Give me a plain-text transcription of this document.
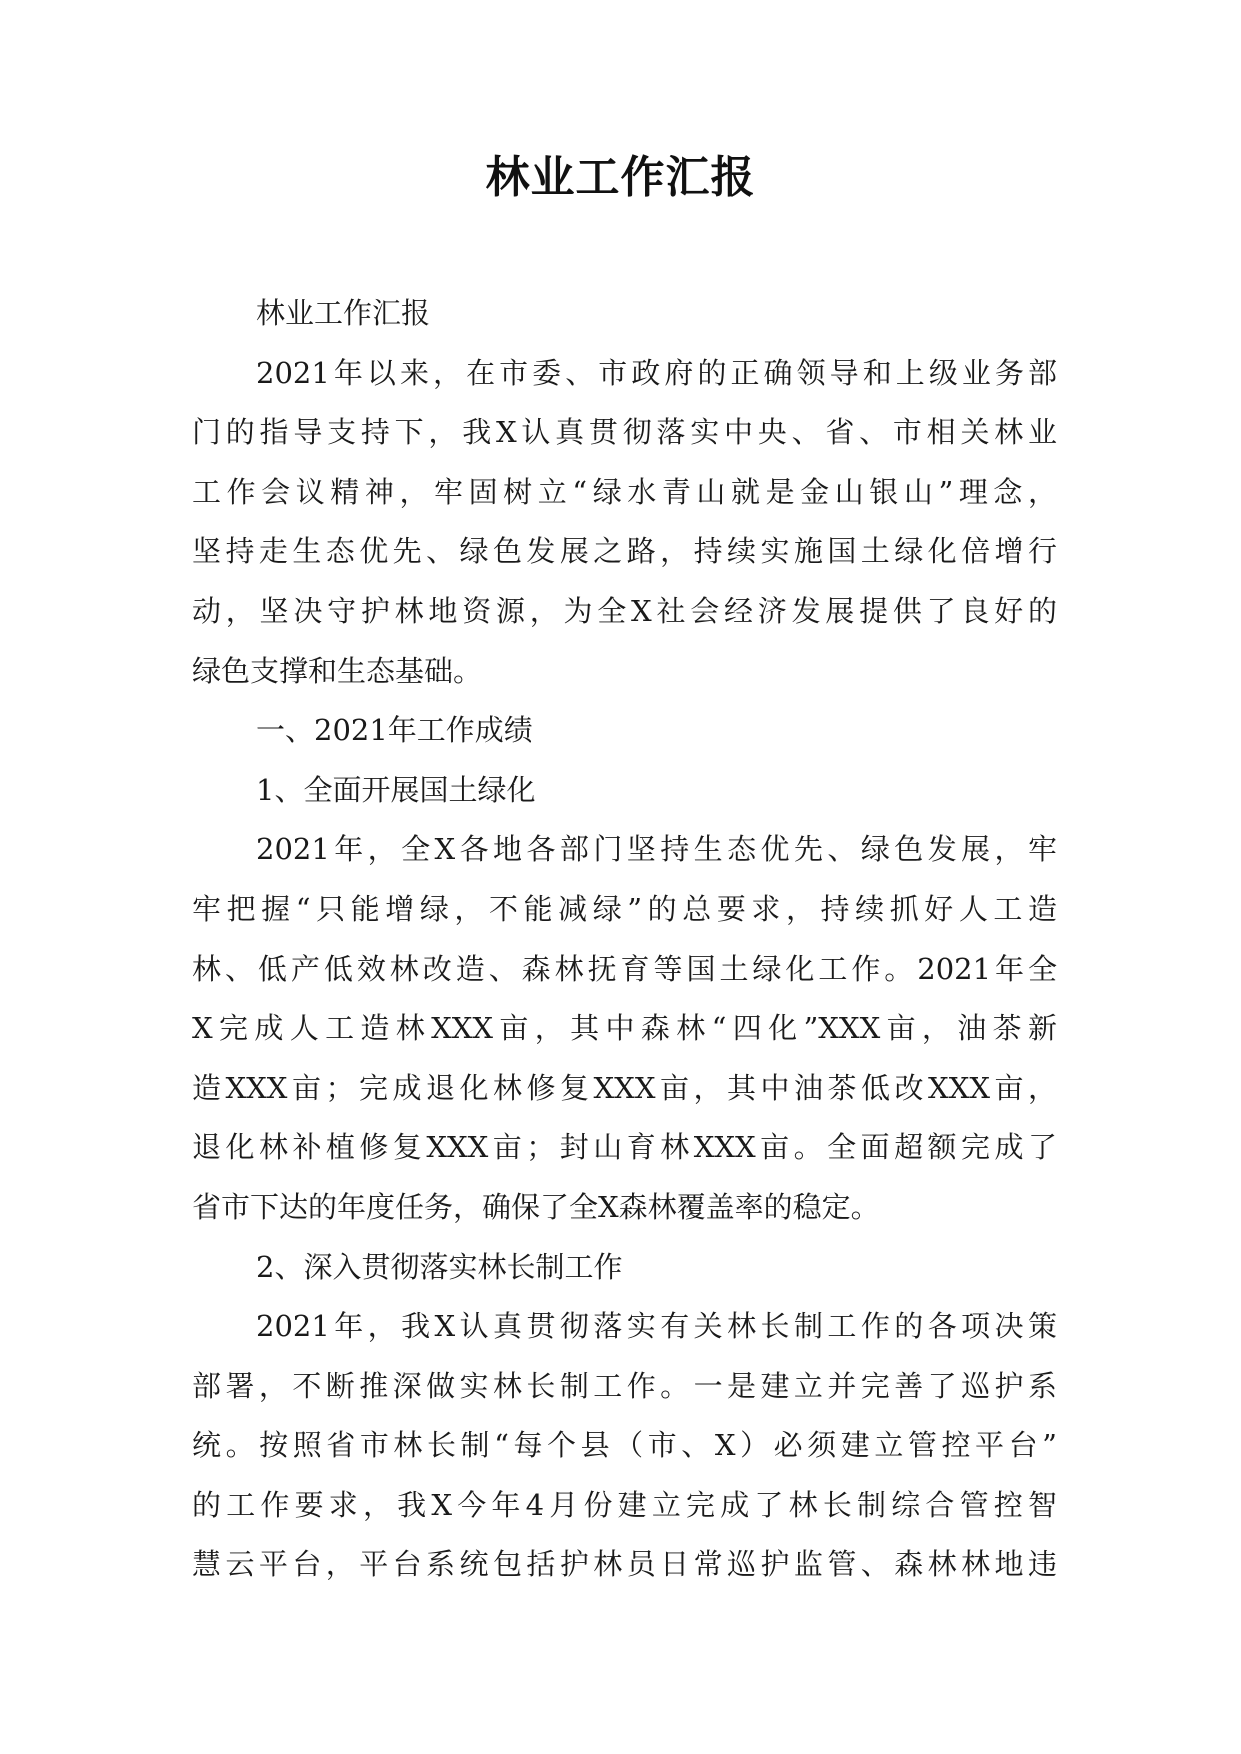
林业工作汇报
林业工作汇报
2021年以来，在市委、市政府的正确领导和上级业务部
门的指导支持下，我X认真贯彻落实中央、省、市相关林业
工作会议精神，牢固树立“绿水青山就是金山银山”理念，
坚持走生态优先、绿色发展之路，持续实施国土绿化倍增行
动，坚决守护林地资源，为全X社会经济发展提供了良好的
绿色支撑和生态基础。
一、2021年工作成绩
1、全面开展国土绿化
2021年，全X各地各部门坚持生态优先、绿色发展，牢
牢把握“只能增绿，不能减绿”的总要求，持续抓好人工造
林、低产低效林改造、森林抚育等国土绿化工作。2021年全
X完成人工造林XXX亩，其中森林“四化”XXX亩，油茶新
造XXX亩；完成退化林修复XXX亩，其中油茶低改XXX亩，
退化林补植修复XXX亩；封山育林XXX亩。全面超额完成了
省市下达的年度任务，确保了全X森林覆盖率的稳定。
2、深入贯彻落实林长制工作
2021年，我X认真贯彻落实有关林长制工作的各项决策
部署，不断推深做实林长制工作。一是建立并完善了巡护系
统。按照省市林长制“每个县（市、X）必须建立管控平台”
的工作要求，我X今年4月份建立完成了林长制综合管控智
慧云平台，平台系统包括护林员日常巡护监管、森林林地违
